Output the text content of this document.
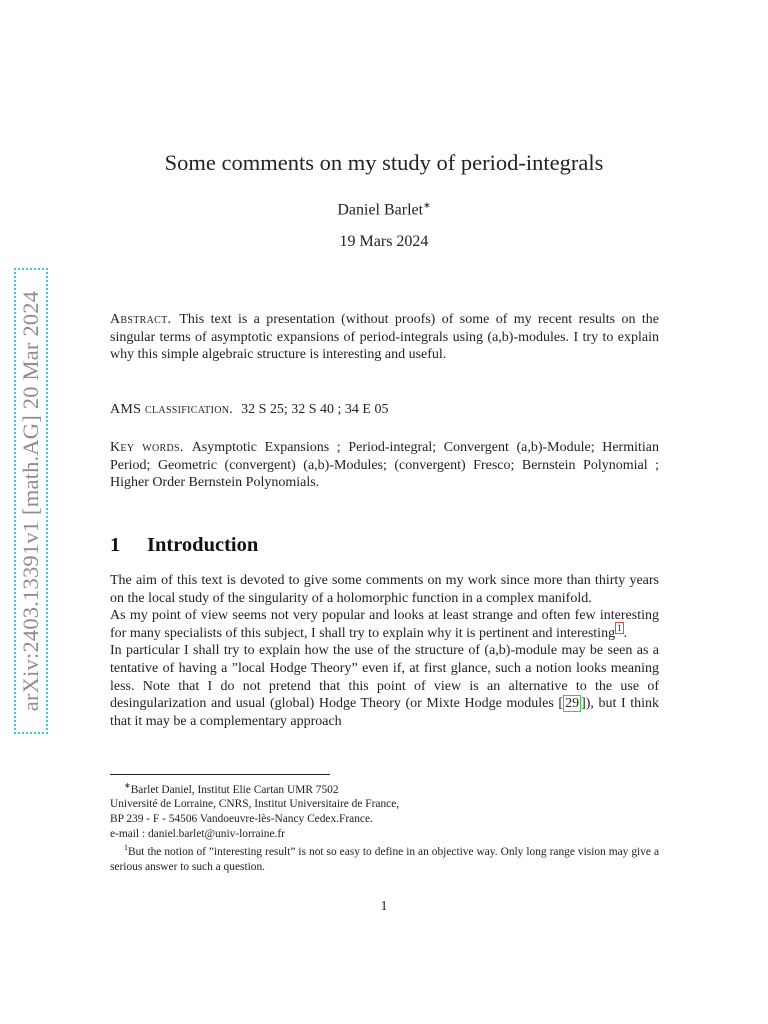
arXiv:2403.13391v1 [math.AG] 20 Mar 2024
Some comments on my study of period-integrals
Daniel Barlet∗
19 Mars 2024
Abstract. This text is a presentation (without proofs) of some of my recent results on the singular terms of asymptotic expansions of period-integrals using (a,b)-modules. I try to explain why this simple algebraic structure is interesting and useful.
AMS classification. 32 S 25; 32 S 40 ; 34 E 05
Key words. Asymptotic Expansions ; Period-integral; Convergent (a,b)-Module; Hermitian Period; Geometric (convergent) (a,b)-Modules; (convergent) Fresco; Bernstein Polynomial ; Higher Order Bernstein Polynomials.
1 Introduction

The aim of this text is devoted to give some comments on my work since more than thirty years on the local study of the singularity of a holomorphic function in a complex manifold.

As my point of view seems not very popular and looks at least strange and often few interesting for many specialists of this subject, I shall try to explain why it is pertinent and interesting $^1$ .

In particular I shall try to explain how the use of the structure of (a,b)-module may be seen as a tentative of having a ”local Hodge Theory” even if, at first glance, such a notion looks meaning less. Note that I do not pretend that this point of view is an alternative to the use of desingularization and usual (global) Hodge Theory (or Mixte Hodge modules [ 29 ]), but I think that it may be a complementary approach

∗Barlet Daniel, Institut Elie Cartan UMR 7502

Université de Lorraine, CNRS, Institut Universitaire de France,

BP 239 - F - 54506 Vandoeuvre-lès-Nancy Cedex.France.

e-mail : daniel.barlet@univ-lorraine.fr

$^1$But the notion of ”interesting result” is not so easy to define in an objective way. Only long range vision may give a serious answer to such a question.

1
